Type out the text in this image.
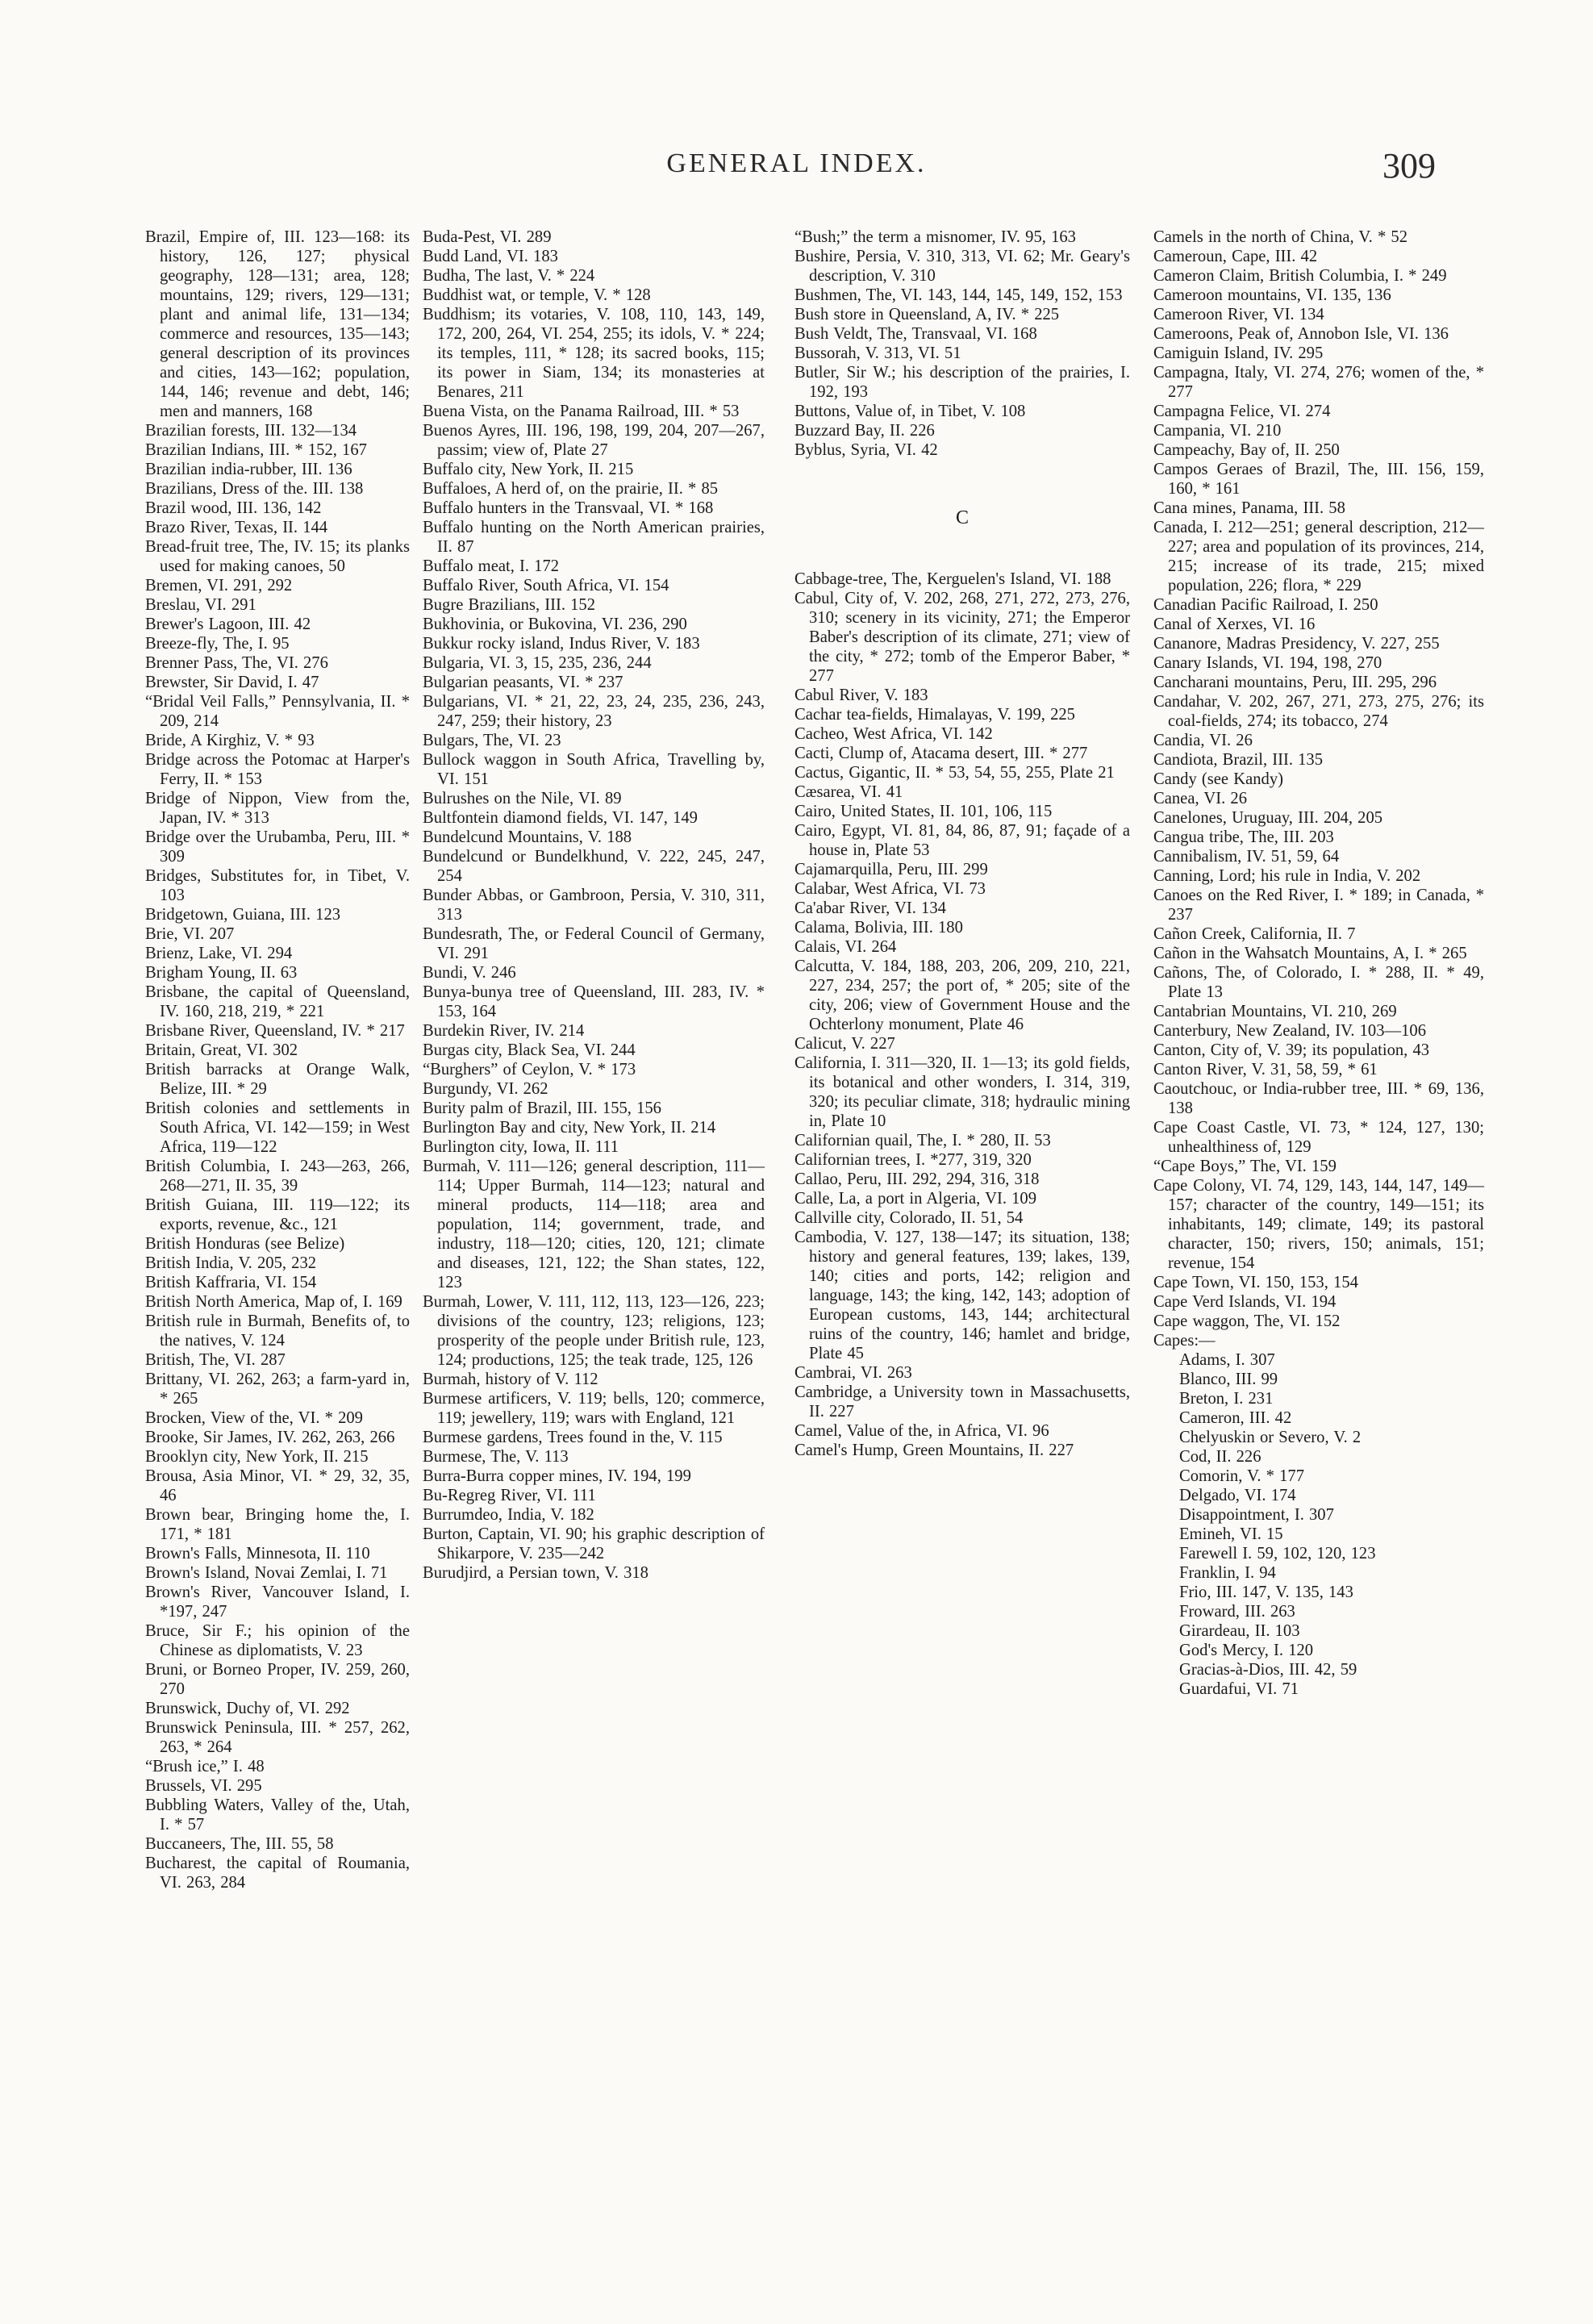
GENERAL INDEX.	309
Brazil, Empire of, III. 123—168: its history, 126, 127; physical geography, 128—131; area, 128; mountains, 129; rivers, 129—131; plant and animal life, 131—134; commerce and resources, 135—143; general description of its provinces and cities, 143—162; population, 144, 146; revenue and debt, 146; men and manners, 168
Brazilian forests, III. 132—134
Brazilian Indians, III. * 152, 167
Brazilian india-rubber, III. 136
Brazilians, Dress of the. III. 138
Brazil wood, III. 136, 142
Brazo River, Texas, II. 144
Bread-fruit tree, The, IV. 15; its planks used for making canoes, 50
Bremen, VI. 291, 292
Breslau, VI. 291
Brewer's Lagoon, III. 42
Breeze-fly, The, I. 95
Brenner Pass, The, VI. 276
Brewster, Sir David, I. 47
“Bridal Veil Falls,” Pennsylvania, II. * 209, 214
Bride, A Kirghiz, V. * 93
Bridge across the Potomac at Harper's Ferry, II. * 153
Bridge of Nippon, View from the, Japan, IV. * 313
Bridge over the Urubamba, Peru, III. * 309
Bridges, Substitutes for, in Tibet, V. 103
Bridgetown, Guiana, III. 123
Brie, VI. 207
Brienz, Lake, VI. 294
Brigham Young, II. 63
Brisbane, the capital of Queensland, IV. 160, 218, 219, * 221
Brisbane River, Queensland, IV. * 217
Britain, Great, VI. 302
British barracks at Orange Walk, Belize, III. * 29
British colonies and settlements in South Africa, VI. 142—159; in West Africa, 119—122
British Columbia, I. 243—263, 266, 268—271, II. 35, 39
British Guiana, III. 119—122; its exports, revenue, &c., 121
British Honduras (see Belize)
British India, V. 205, 232
British Kaffraria, VI. 154
British North America, Map of, I. 169
British rule in Burmah, Benefits of, to the natives, V. 124
British, The, VI. 287
Brittany, VI. 262, 263; a farm-yard in, * 265
Brocken, View of the, VI. * 209
Brooke, Sir James, IV. 262, 263, 266
Brooklyn city, New York, II. 215
Brousa, Asia Minor, VI. * 29, 32, 35, 46
Brown bear, Bringing home the, I. 171, * 181
Brown's Falls, Minnesota, II. 110
Brown's Island, Novai Zemlai, I. 71
Brown's River, Vancouver Island, I. *197, 247
Bruce, Sir F.; his opinion of the Chinese as diplomatists, V. 23
Bruni, or Borneo Proper, IV. 259, 260, 270
Brunswick, Duchy of, VI. 292
Brunswick Peninsula, III. * 257, 262, 263, * 264
“Brush ice,” I. 48
Brussels, VI. 295
Bubbling Waters, Valley of the, Utah, I. * 57
Buccaneers, The, III. 55, 58
Bucharest, the capital of Roumania, VI. 263, 284
Buda-Pest, VI. 289
Budd Land, VI. 183
Budha, The last, V. * 224
Buddhist wat, or temple, V. * 128
Buddhism; its votaries, V. 108, 110, 143, 149, 172, 200, 264, VI. 254, 255; its idols, V. * 224; its temples, 111, * 128; its sacred books, 115; its power in Siam, 134; its monasteries at Benares, 211
Buena Vista, on the Panama Railroad, III. * 53
Buenos Ayres, III. 196, 198, 199, 204, 207—267, passim; view of, Plate 27
Buffalo city, New York, II. 215
Buffaloes, A herd of, on the prairie, II. * 85
Buffalo hunters in the Transvaal, VI. * 168
Buffalo hunting on the North American prairies, II. 87
Buffalo meat, I. 172
Buffalo River, South Africa, VI. 154
Bugre Brazilians, III. 152
Bukhovinia, or Bukovina, VI. 236, 290
Bukkur rocky island, Indus River, V. 183
Bulgaria, VI. 3, 15, 235, 236, 244
Bulgarian peasants, VI. * 237
Bulgarians, VI. * 21, 22, 23, 24, 235, 236, 243, 247, 259; their history, 23
Bulgars, The, VI. 23
Bullock waggon in South Africa, Travelling by, VI. 151
Bulrushes on the Nile, VI. 89
Bultfontein diamond fields, VI. 147, 149
Bundelcund Mountains, V. 188
Bundelcund or Bundelkhund, V. 222, 245, 247, 254
Bunder Abbas, or Gambroon, Persia, V. 310, 311, 313
Bundesrath, The, or Federal Council of Germany, VI. 291
Bundi, V. 246
Bunya-bunya tree of Queensland, III. 283, IV. * 153, 164
Burdekin River, IV. 214
Burgas city, Black Sea, VI. 244
“Burghers” of Ceylon, V. * 173
Burgundy, VI. 262
Burity palm of Brazil, III. 155, 156
Burlington Bay and city, New York, II. 214
Burlington city, Iowa, II. 111
Burmah, V. 111—126; general description, 111—114; Upper Burmah, 114—123; natural and mineral products, 114—118; area and population, 114; government, trade, and industry, 118—120; cities, 120, 121; climate and diseases, 121, 122; the Shan states, 122, 123
Burmah, Lower, V. 111, 112, 113, 123—126, 223; divisions of the country, 123; religions, 123; prosperity of the people under British rule, 123, 124; productions, 125; the teak trade, 125, 126
Burmah, history of V. 112
Burmese artificers, V. 119; bells, 120; commerce, 119; jewellery, 119; wars with England, 121
Burmese gardens, Trees found in the, V. 115
Burmese, The, V. 113
Burra-Burra copper mines, IV. 194, 199
Bu-Regreg River, VI. 111
Burrumdeo, India, V. 182
Burton, Captain, VI. 90; his graphic description of Shikarpore, V. 235—242
Burudjird, a Persian town, V. 318
“Bush;” the term a misnomer, IV. 95, 163
Bushire, Persia, V. 310, 313, VI. 62; Mr. Geary's description, V. 310
Bushmen, The, VI. 143, 144, 145, 149, 152, 153
Bush store in Queensland, A, IV. * 225
Bush Veldt, The, Transvaal, VI. 168
Bussorah, V. 313, VI. 51
Butler, Sir W.; his description of the prairies, I. 192, 193
Buttons, Value of, in Tibet, V. 108
Buzzard Bay, II. 226
Byblus, Syria, VI. 42
C
Cabbage-tree, The, Kerguelen's Island, VI. 188
Cabul, City of, V. 202, 268, 271, 272, 273, 276, 310; scenery in its vicinity, 271; the Emperor Baber's description of its climate, 271; view of the city, * 272; tomb of the Emperor Baber, * 277
Cabul River, V. 183
Cachar tea-fields, Himalayas, V. 199, 225
Cacheo, West Africa, VI. 142
Cacti, Clump of, Atacama desert, III. * 277
Cactus, Gigantic, II. * 53, 54, 55, 255, Plate 21
Cæsarea, VI. 41
Cairo, United States, II. 101, 106, 115
Cairo, Egypt, VI. 81, 84, 86, 87, 91; façade of a house in, Plate 53
Cajamarquilla, Peru, III. 299
Calabar, West Africa, VI. 73
Ca'abar River, VI. 134
Calama, Bolivia, III. 180
Calais, VI. 264
Calcutta, V. 184, 188, 203, 206, 209, 210, 221, 227, 234, 257; the port of, * 205; site of the city, 206; view of Government House and the Ochterlony monument, Plate 46
Calicut, V. 227
California, I. 311—320, II. 1—13; its gold fields, its botanical and other wonders, I. 314, 319, 320; its peculiar climate, 318; hydraulic mining in, Plate 10
Californian quail, The, I. * 280, II. 53
Californian trees, I. *277, 319, 320
Callao, Peru, III. 292, 294, 316, 318
Calle, La, a port in Algeria, VI. 109
Callville city, Colorado, II. 51, 54
Cambodia, V. 127, 138—147; its situation, 138; history and general features, 139; lakes, 139, 140; cities and ports, 142; religion and language, 143; the king, 142, 143; adoption of European customs, 143, 144; architectural ruins of the country, 146; hamlet and bridge, Plate 45
Cambrai, VI. 263
Cambridge, a University town in Massachusetts, II. 227
Camel, Value of the, in Africa, VI. 96
Camel's Hump, Green Mountains, II. 227
Camels in the north of China, V. * 52
Cameroun, Cape, III. 42
Cameron Claim, British Columbia, I. * 249
Cameroon mountains, VI. 135, 136
Cameroon River, VI. 134
Cameroons, Peak of, Annobon Isle, VI. 136
Camiguin Island, IV. 295
Campagna, Italy, VI. 274, 276; women of the, * 277
Campagna Felice, VI. 274
Campania, VI. 210
Campeachy, Bay of, II. 250
Campos Geraes of Brazil, The, III. 156, 159, 160, * 161
Cana mines, Panama, III. 58
Canada, I. 212—251; general description, 212—227; area and population of its provinces, 214, 215; increase of its trade, 215; mixed population, 226; flora, * 229
Canadian Pacific Railroad, I. 250
Canal of Xerxes, VI. 16
Cananore, Madras Presidency, V. 227, 255
Canary Islands, VI. 194, 198, 270
Cancharani mountains, Peru, III. 295, 296
Candahar, V. 202, 267, 271, 273, 275, 276; its coal-fields, 274; its tobacco, 274
Candia, VI. 26
Candiota, Brazil, III. 135
Candy (see Kandy)
Canea, VI. 26
Canelones, Uruguay, III. 204, 205
Cangua tribe, The, III. 203
Cannibalism, IV. 51, 59, 64
Canning, Lord; his rule in India, V. 202
Canoes on the Red River, I. * 189; in Canada, * 237
Cañon Creek, California, II. 7
Cañon in the Wahsatch Mountains, A, I. * 265
Cañons, The, of Colorado, I. * 288, II. * 49, Plate 13
Cantabrian Mountains, VI. 210, 269
Canterbury, New Zealand, IV. 103—106
Canton, City of, V. 39; its population, 43
Canton River, V. 31, 58, 59, * 61
Caoutchouc, or India-rubber tree, III. * 69, 136, 138
Cape Coast Castle, VI. 73, * 124, 127, 130; unhealthiness of, 129
“Cape Boys,” The, VI. 159
Cape Colony, VI. 74, 129, 143, 144, 147, 149—157; character of the country, 149—151; its inhabitants, 149; climate, 149; its pastoral character, 150; rivers, 150; animals, 151; revenue, 154
Cape Town, VI. 150, 153, 154
Cape Verd Islands, VI. 194
Cape waggon, The, VI. 152
Capes:—
Adams, I. 307
Blanco, III. 99
Breton, I. 231
Cameron, III. 42
Chelyuskin or Severo, V. 2
Cod, II. 226
Comorin, V. * 177
Delgado, VI. 174
Disappointment, I. 307
Emineh, VI. 15
Farewell I. 59, 102, 120, 123
Franklin, I. 94
Frio, III. 147, V. 135, 143
Froward, III. 263
Girardeau, II. 103
God's Mercy, I. 120
Gracias-à-Dios, III. 42, 59
Guardafui, VI. 71
